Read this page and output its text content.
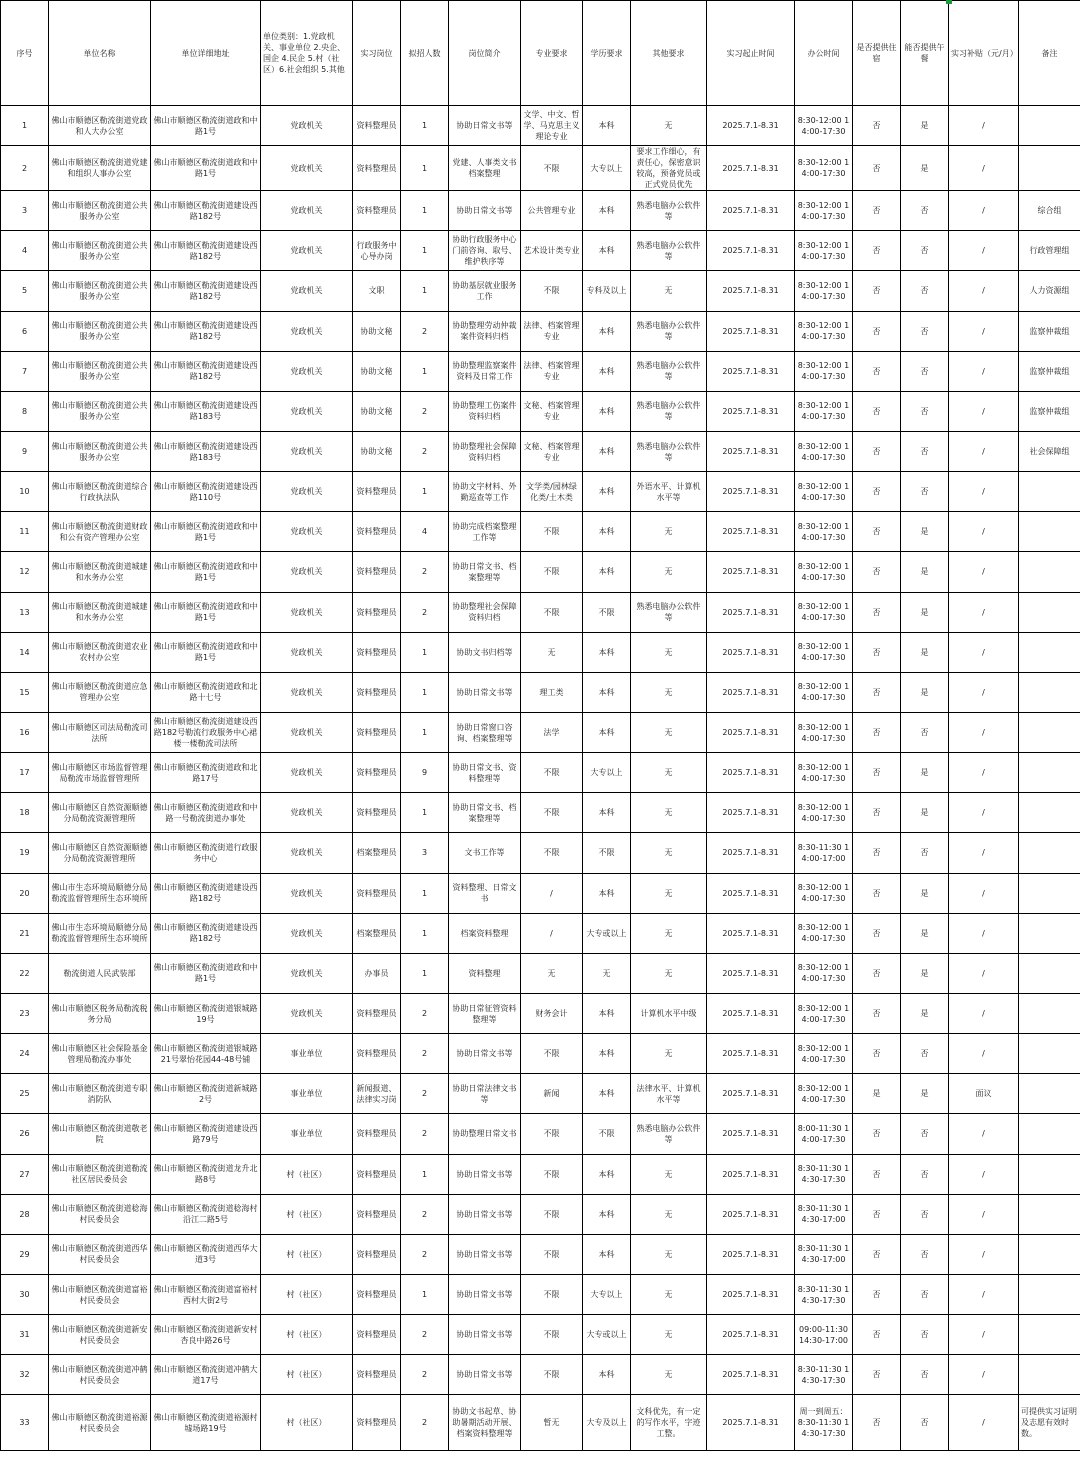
序号	单位名称	单位详细地址	单位类别：1.党政机关、事业单位 2.央企、国企 4.民企 5.村（社区）6.社会组织 5.其他	实习岗位	拟招人数	岗位简介	专业要求	学历要求	其他要求	实习起止时间	办公时间	是否提供住宿	能否提供午餐	实习补贴（元/月）	备注
1	佛山市顺德区勒流街道党政和人大办公室	佛山市顺德区勒流街道政和中路1号	党政机关	资料整理员	1	协助日常文书等	文学、中文、哲学、马克思主义理论专业	本科	无	2025.7.1-8.31	8:30-12:00 14:00-17:30	否	是	/	
2	佛山市顺德区勒流街道党建和组织人事办公室	佛山市顺德区勒流街道政和中路1号	党政机关	资料整理员	1	党建、人事类文书档案整理	不限	大专以上	要求工作细心，有责任心，保密意识较高，预备党员或正式党员优先	2025.7.1-8.31	8:30-12:00 14:00-17:30	否	是	/	
3	佛山市顺德区勒流街道公共服务办公室	佛山市顺德区勒流街道建设西路182号	党政机关	资料整理员	1	协助日常文书等	公共管理专业	本科	熟悉电脑办公软件等	2025.7.1-8.31	8:30-12:00 14:00-17:30	否	否	/	综合组
4	佛山市顺德区勒流街道公共服务办公室	佛山市顺德区勒流街道建设西路182号	党政机关	行政服务中心导办岗	1	协助行政服务中心门前咨询、取号、维护秩序等	艺术设计类专业	本科	熟悉电脑办公软件等	2025.7.1-8.31	8:30-12:00 14:00-17:30	否	否	/	行政管理组
5	佛山市顺德区勒流街道公共服务办公室	佛山市顺德区勒流街道建设西路182号	党政机关	文职	1	协助基层就业服务工作	不限	专科及以上	无	2025.7.1-8.31	8:30-12:00 14:00-17:30	否	否	/	人力资源组
6	佛山市顺德区勒流街道公共服务办公室	佛山市顺德区勒流街道建设西路182号	党政机关	协助文秘	2	协助整理劳动仲裁案件资料归档	法律、档案管理专业	本科	熟悉电脑办公软件等	2025.7.1-8.31	8:30-12:00 14:00-17:30	否	否	/	监察仲裁组
7	佛山市顺德区勒流街道公共服务办公室	佛山市顺德区勒流街道建设西路182号	党政机关	协助文秘	1	协助整理监察案件资料及日常工作	法律、档案管理专业	本科	熟悉电脑办公软件等	2025.7.1-8.31	8:30-12:00 14:00-17:30	否	否	/	监察仲裁组
8	佛山市顺德区勒流街道公共服务办公室	佛山市顺德区勒流街道建设西路183号	党政机关	协助文秘	2	协助整理工伤案件资料归档	文秘、档案管理专业	本科	熟悉电脑办公软件等	2025.7.1-8.31	8:30-12:00 14:00-17:30	否	否	/	监察仲裁组
9	佛山市顺德区勒流街道公共服务办公室	佛山市顺德区勒流街道建设西路183号	党政机关	协助文秘	2	协助整理社会保障资料归档	文秘、档案管理专业	本科	熟悉电脑办公软件等	2025.7.1-8.31	8:30-12:00 14:00-17:30	否	否	/	社会保障组
10	佛山市顺德区勒流街道综合行政执法队	佛山市顺德区勒流街道建设西路110号	党政机关	资料整理员	1	协助文字材料、外勤巡查等工作	文学类/园林绿化类/土木类	本科	外语水平、计算机水平等	2025.7.1-8.31	8:30-12:00 14:00-17:30	否	否	/	
11	佛山市顺德区勒流街道财政和公有资产管理办公室	佛山市顺德区勒流街道政和中路1号	党政机关	资料整理员	4	协助完成档案整理工作等	不限	本科	无	2025.7.1-8.31	8:30-12:00 14:00-17:30	否	是	/	
12	佛山市顺德区勒流街道城建和水务办公室	佛山市顺德区勒流街道政和中路1号	党政机关	资料整理员	2	协助日常文书、档案整理等	不限	本科	无	2025.7.1-8.31	8:30-12:00 14:00-17:30	否	是	/	
13	佛山市顺德区勒流街道城建和水务办公室	佛山市顺德区勒流街道政和中路1号	党政机关	资料整理员	2	协助整理社会保障资料归档	不限	不限	熟悉电脑办公软件等	2025.7.1-8.31	8:30-12:00 14:00-17:30	否	是	/	
14	佛山市顺德区勒流街道农业农村办公室	佛山市顺德区勒流街道政和中路1号	党政机关	资料整理员	1	协助文书归档等	无	本科	无	2025.7.1-8.31	8:30-12:00 14:00-17:30	否	是	/	
15	佛山市顺德区勒流街道应急管理办公室	佛山市顺德区勒流街道政和北路十七号	党政机关	资料整理员	1	协助日常文书等	理工类	本科	无	2025.7.1-8.31	8:30-12:00 14:00-17:30	否	是	/	
16	佛山市顺德区司法局勒流司法所	佛山市顺德区勒流街道建设西路182号勒流行政服务中心裙楼一楼勒流司法所	党政机关	资料整理员	1	协助日常窗口咨询、档案整理等	法学	本科	无	2025.7.1-8.31	8:30-12:00 14:00-17:30	否	否	/	
17	佛山市顺德区市场监督管理局勒流市场监督管理所	佛山市顺德区勒流街道政和北路17号	党政机关	资料整理员	9	协助日常文书、资料整理等	不限	大专以上	无	2025.7.1-8.31	8:30-12:00 14:00-17:30	否	是	/	
18	佛山市顺德区自然资源顺德分局勒流资源管理所	佛山市顺德区勒流街道政和中路一号勒流街道办事处	党政机关	资料整理员	1	协助日常文书、档案整理等	不限	本科	无	2025.7.1-8.31	8:30-12:00 14:00-17:30	否	是	/	
19	佛山市顺德区自然资源顺德分局勒流资源管理所	佛山市顺德区勒流街道行政服务中心	党政机关	档案整理员	3	文书工作等	不限	不限	无	2025.7.1-8.31	8:30-11:30 14:00-17:00	否	否	/	
20	佛山市生态环境局顺德分局勒流监督管理所生态环境所	佛山市顺德区勒流街道建设西路182号	党政机关	资料整理员	1	资料整理、日常文书	/	本科	无	2025.7.1-8.31	8:30-12:00 14:00-17:30	否	是	/	
21	佛山市生态环境局顺德分局勒流监督管理所生态环境所	佛山市顺德区勒流街道建设西路182号	党政机关	档案整理员	1	档案资料整理	/	大专或以上	无	2025.7.1-8.31	8:30-12:00 14:00-17:30	否	是	/	
22	勒流街道人民武装部	佛山市顺德区勒流街道政和中路1号	党政机关	办事员	1	资料整理	无	无	无	2025.7.1-8.31	8:30-12:00 14:00-17:30	否	是	/	
23	佛山市顺德区税务局勒流税务分局	佛山市顺德区勒流街道银城路19号	党政机关	资料整理员	2	协助日常征管资料整理等	财务会计	本科	计算机水平中级	2025.7.1-8.31	8:30-12:00 14:00-17:30	否	是	/	
24	佛山市顺德区社会保险基金管理局勒流办事处	佛山市顺德区勒流街道银城路21号翠怡花园44-48号铺	事业单位	资料整理员	2	协助日常文书等	不限	本科	无	2025.7.1-8.31	8:30-12:00 14:00-17:30	否	否	/	
25	佛山市顺德区勒流街道专职消防队	佛山市顺德区勒流街道新城路2号	事业单位	新闻报道、法律实习岗	2	协助日常法律文书等	新闻	本科	法律水平、计算机水平等	2025.7.1-8.31	8:30-12:00 14:00-17:30	是	是	面议	
26	佛山市顺德区勒流街道敬老院	佛山市顺德区勒流街道建设西路79号	事业单位	资料整理员	2	协助整理日常文书	不限	不限	熟悉电脑办公软件等	2025.7.1-8.31	8:00-11:30 14:00-17:30	否	否	/	
27	佛山市顺德区勒流街道勒流社区居民委员会	佛山市顺德区勒流街道龙升北路8号	村（社区）	资料整理员	1	协助日常文书等	不限	本科	无	2025.7.1-8.31	8:30-11:30 14:30-17:30	否	否	/	
28	佛山市顺德区勒流街道稔海村民委员会	佛山市顺德区勒流街道稔海村沿江二路5号	村（社区）	资料整理员	2	协助日常文书等	不限	本科	无	2025.7.1-8.31	8:30-11:30 14:30-17:00	否	否	/	
29	佛山市顺德区勒流街道西华村民委员会	佛山市顺德区勒流街道西华大道3号	村（社区）	资料整理员	2	协助日常文书等	不限	本科	无	2025.7.1-8.31	8:30-11:30 14:30-17:00	否	否	/	
30	佛山市顺德区勒流街道富裕村民委员会	佛山市顺德区勒流街道富裕村西村大街2号	村（社区）	资料整理员	1	协助日常文书等	不限	大专以上	无	2025.7.1-8.31	8:30-11:30 14:30-17:30	否	否	/	
31	佛山市顺德区勒流街道新安村民委员会	佛山市顺德区勒流街道新安村杏良中路26号	村（社区）	资料整理员	2	协助日常文书等	不限	大专或以上	无	2025.7.1-8.31	09:00-11:30 14:30-17:00	否	否	/	
32	佛山市顺德区勒流街道冲鹤村民委员会	佛山市顺德区勒流街道冲鹤大道17号	村（社区）	资料整理员	2	协助日常文书等	不限	本科	无	2025.7.1-8.31	8:30-11:30 14:30-17:30	否	否	/	
33	佛山市顺德区勒流街道裕源村民委员会	佛山市顺德区勒流街道裕源村墟场路19号	村（社区）	资料整理员	2	协助文书起草、协助暑期活动开展、档案资料整理等	暂无	大专及以上	文科优先，有一定的写作水平，字迹工整。	2025.7.1-8.31	周一到周五：8:30-11:30 14:30-17:30	否	否	/	可提供实习证明及志愿有效时数。
